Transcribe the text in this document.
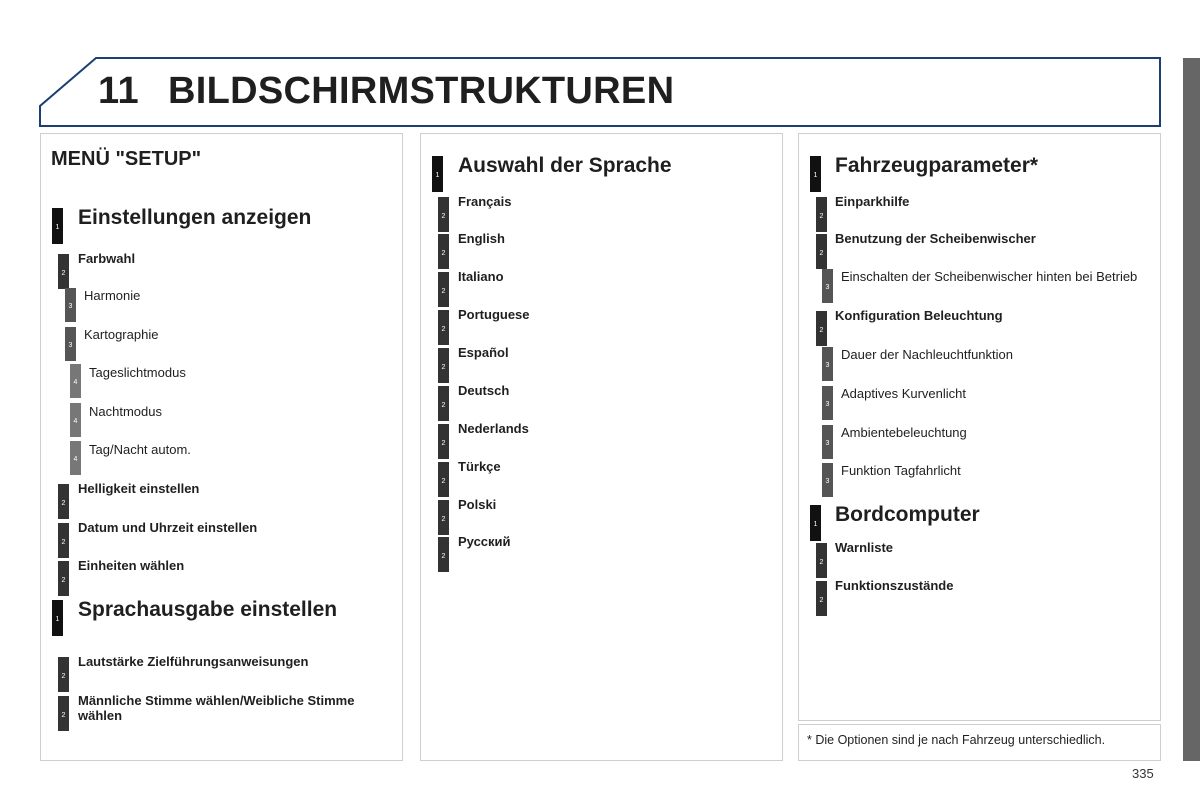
11 BILDSCHIRMSTRUKTUREN
MENÜ "SETUP"
1 Einstellungen anzeigen
2
Farbwahl
3
Harmonie
3
Kartographie
4
Tageslichtmodus
4
Nachtmodus
4
Tag/Nacht autom.
2
Helligkeit einstellen
2
Datum und Uhrzeit einstellen
2
Einheiten wählen
1 Sprachausgabe einstellen
2
Lautstärke Zielführungsanweisungen
2
Männliche Stimme wählen/Weibliche Stimme wählen
1 Auswahl der Sprache
2
Français
2
English
2
Italiano
2
Portuguese
2
Español
2
Deutsch
2
Nederlands
2
Türkçe
2
Polski
2
Русский
1 Fahrzeugparameter*
2
Einparkhilfe
2
Benutzung der Scheibenwischer
3
Einschalten der Scheibenwischer hinten bei Betrieb
2
Konfiguration Beleuchtung
3
Dauer der Nachleuchtfunktion
3
Adaptives Kurvenlicht
3
Ambientebeleuchtung
3
Funktion Tagfahrlicht
1 Bordcomputer
2
Warnliste
2
Funktionszustände
* Die Optionen sind je nach Fahrzeug unterschiedlich.
335
